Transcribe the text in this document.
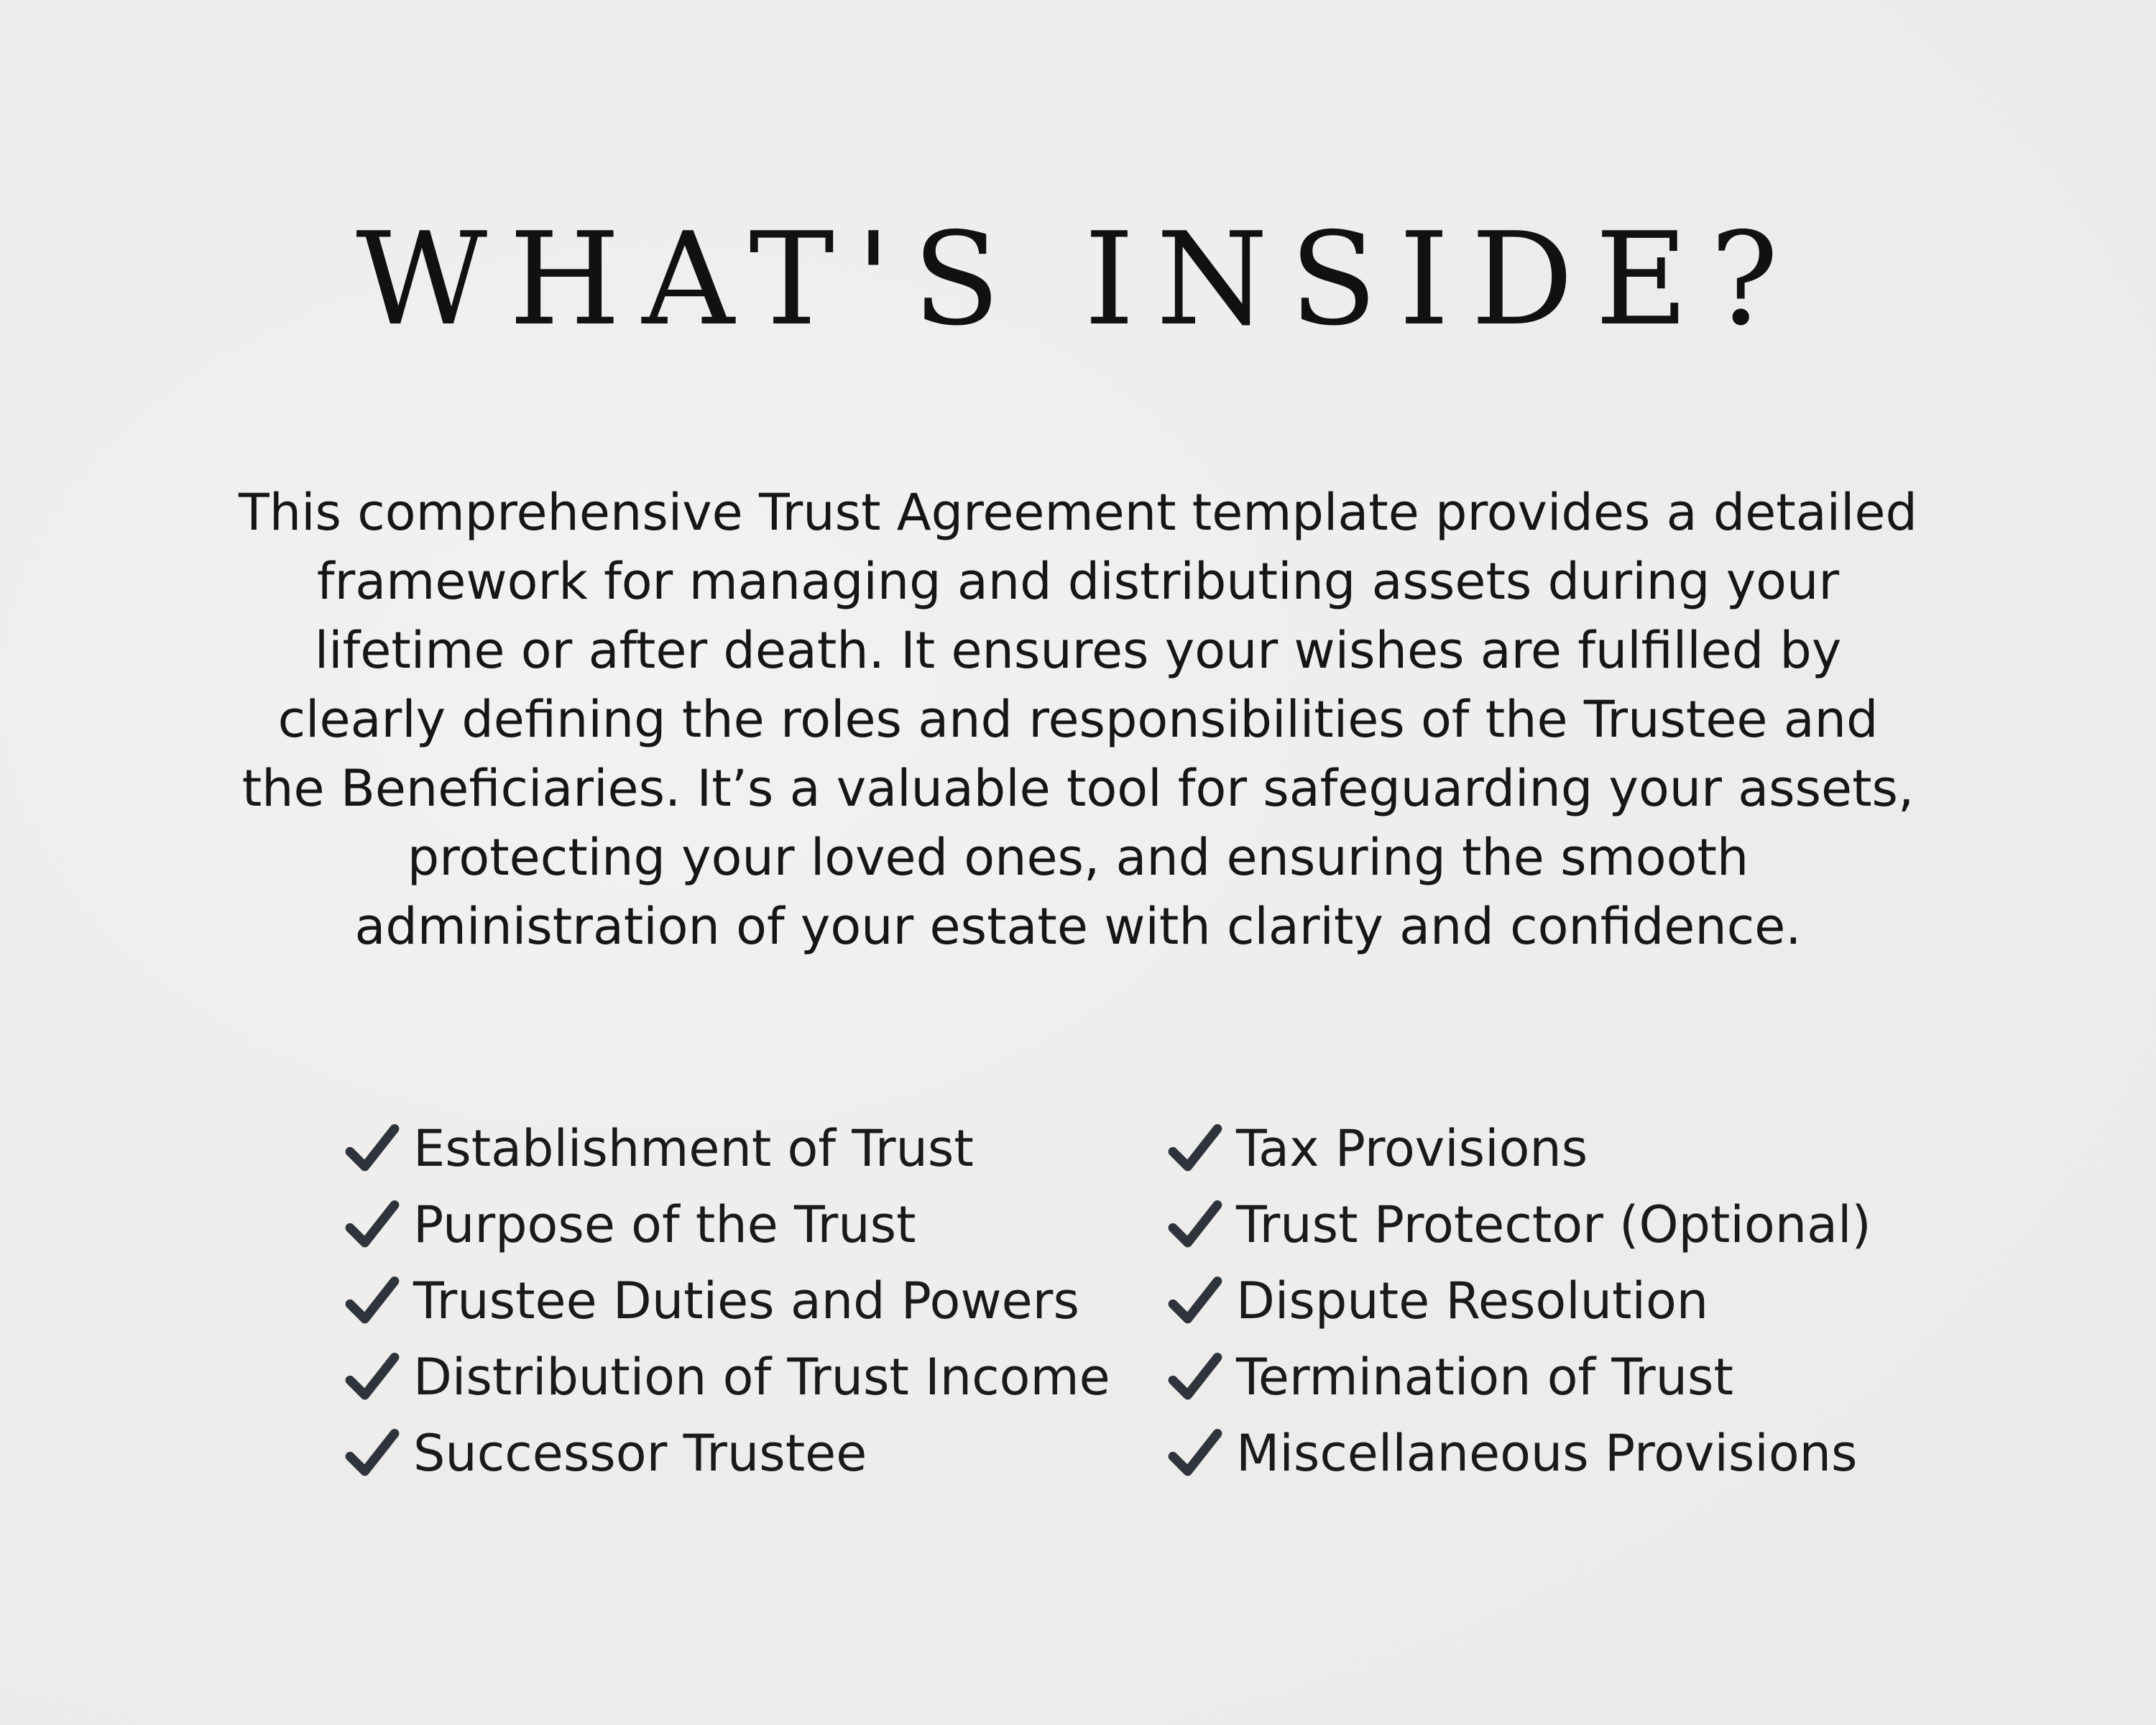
WHAT'S INSIDE?

This comprehensive Trust Agreement template provides a detailed framework for managing and distributing assets during your lifetime or after death. It ensures your wishes are fulfilled by clearly defining the roles and responsibilities of the Trustee and the Beneficiaries. It’s a valuable tool for safeguarding your assets, protecting your loved ones, and ensuring the smooth administration of your estate with clarity and confidence.

Establishment of Trust
Purpose of the Trust
Trustee Duties and Powers
Distribution of Trust Income
Successor Trustee
Tax Provisions
Trust Protector (Optional)
Dispute Resolution
Termination of Trust
Miscellaneous Provisions
